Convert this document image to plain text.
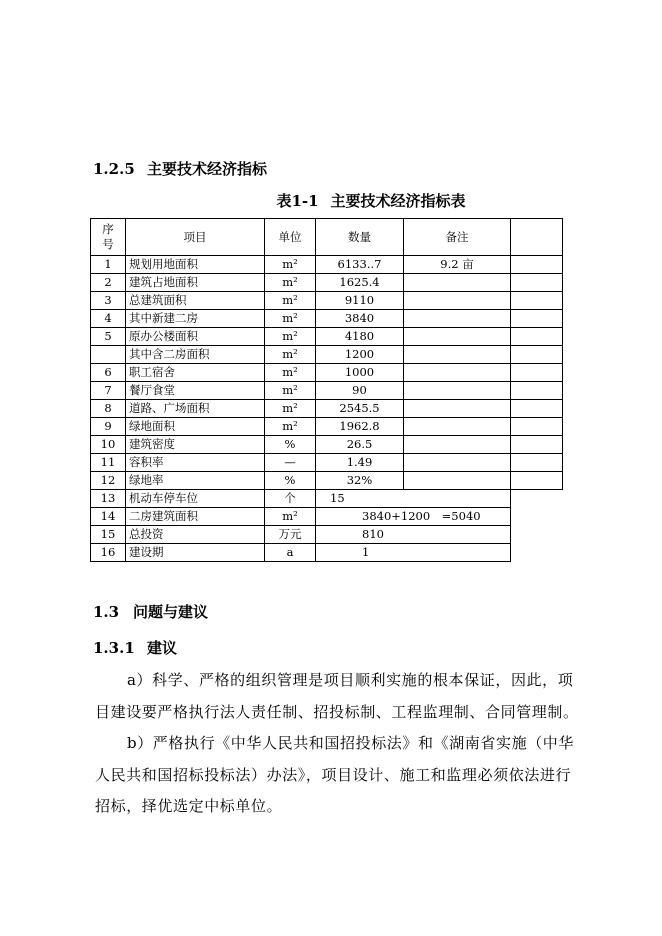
1.2.5 主要技术经济指标
表1-1 主要技术经济指标表
序号	项目	单位	数量	备注	
1	规划用地面积	m²	6133..7	9.2 亩	
2	建筑占地面积	m²	1625.4		
3	总建筑面积	m²	9110		
4	其中新建二房	m²	3840		
5	原办公楼面积	m²	4180		
	其中含二房面积	m²	1200		
6	职工宿舍	m²	1000		
7	餐厅食堂	m²	90		
8	道路、广场面积	m²	2545.5		
9	绿地面积	m²	1962.8		
10	建筑密度	%	26.5		
11	容积率	—	1.49		
12	绿地率	%	32%		
13	机动车停车位	个	15		
14	二房建筑面积	m²	3840+1200　=5040		
15	总投资	万元	810		
16	建设期	a	1		
1.3 问题与建议
1.3.1 建议

a）科学、严格的组织管理是项目顺利实施的根本保证，因此，项目建设要严格执行法人责任制、招投标制、工程监理制、合同管理制。

b）严格执行《中华人民共和国招投标法》和《湖南省实施（中华人民共和国招标投标法）办法》，项目设计、施工和监理必须依法进行招标，择优选定中标单位。
